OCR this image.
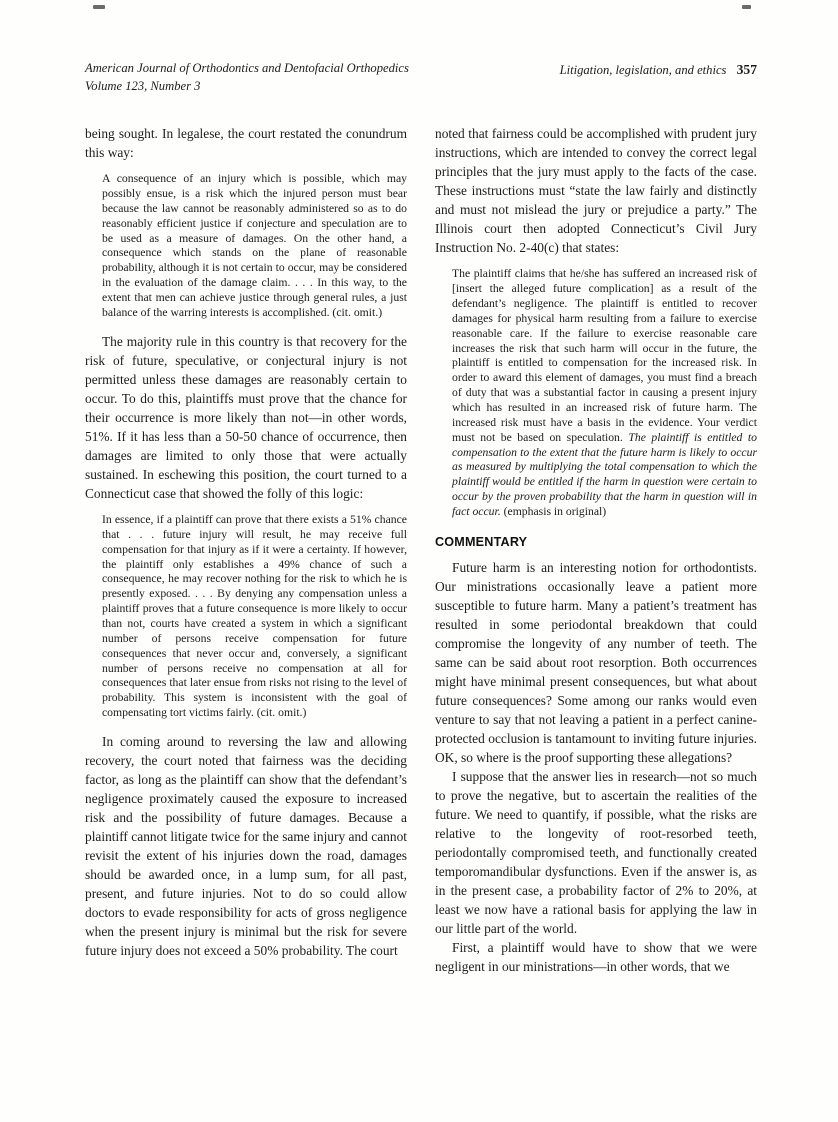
American Journal of Orthodontics and Dentofacial Orthopedics
Volume 123, Number 3
Litigation, legislation, and ethics 357

being sought. In legalese, the court restated the conundrum this way:

A consequence of an injury which is possible, which may possibly ensue, is a risk which the injured person must bear because the law cannot be reasonably administered so as to do reasonably efficient justice if conjecture and speculation are to be used as a measure of damages. On the other hand, a consequence which stands on the plane of reasonable probability, although it is not certain to occur, may be considered in the evaluation of the damage claim. . . . In this way, to the extent that men can achieve justice through general rules, a just balance of the warring interests is accomplished. (cit. omit.)

The majority rule in this country is that recovery for the risk of future, speculative, or conjectural injury is not permitted unless these damages are reasonably certain to occur. To do this, plaintiffs must prove that the chance for their occurrence is more likely than not—in other words, 51%. If it has less than a 50-50 chance of occurrence, then damages are limited to only those that were actually sustained. In eschewing this position, the court turned to a Connecticut case that showed the folly of this logic:

In essence, if a plaintiff can prove that there exists a 51% chance that . . . future injury will result, he may receive full compensation for that injury as if it were a certainty. If however, the plaintiff only establishes a 49% chance of such a consequence, he may recover nothing for the risk to which he is presently exposed. . . . By denying any compensation unless a plaintiff proves that a future consequence is more likely to occur than not, courts have created a system in which a significant number of persons receive compensation for future consequences that never occur and, conversely, a significant number of persons receive no compensation at all for consequences that later ensue from risks not rising to the level of probability. This system is inconsistent with the goal of compensating tort victims fairly. (cit. omit.)

In coming around to reversing the law and allowing recovery, the court noted that fairness was the deciding factor, as long as the plaintiff can show that the defendant’s negligence proximately caused the exposure to increased risk and the possibility of future damages. Because a plaintiff cannot litigate twice for the same injury and cannot revisit the extent of his injuries down the road, damages should be awarded once, in a lump sum, for all past, present, and future injuries. Not to do so could allow doctors to evade responsibility for acts of gross negligence when the present injury is minimal but the risk for severe future injury does not exceed a 50% probability. The court

noted that fairness could be accomplished with prudent jury instructions, which are intended to convey the correct legal principles that the jury must apply to the facts of the case. These instructions must “state the law fairly and distinctly and must not mislead the jury or prejudice a party.” The Illinois court then adopted Connecticut’s Civil Jury Instruction No. 2-40(c) that states:

The plaintiff claims that he/she has suffered an increased risk of [insert the alleged future complication] as a result of the defendant’s negligence. The plaintiff is entitled to recover damages for physical harm resulting from a failure to exercise reasonable care. If the failure to exercise reasonable care increases the risk that such harm will occur in the future, the plaintiff is entitled to compensation for the increased risk. In order to award this element of damages, you must find a breach of duty that was a substantial factor in causing a present injury which has resulted in an increased risk of future harm. The increased risk must have a basis in the evidence. Your verdict must not be based on speculation. The plaintiff is entitled to compensation to the extent that the future harm is likely to occur as measured by multiplying the total compensation to which the plaintiff would be entitled if the harm in question were certain to occur by the proven probability that the harm in question will in fact occur. (emphasis in original)
COMMENTARY

Future harm is an interesting notion for orthodontists. Our ministrations occasionally leave a patient more susceptible to future harm. Many a patient’s treatment has resulted in some periodontal breakdown that could compromise the longevity of any number of teeth. The same can be said about root resorption. Both occurrences might have minimal present consequences, but what about future consequences? Some among our ranks would even venture to say that not leaving a patient in a perfect canine-protected occlusion is tantamount to inviting future injuries. OK, so where is the proof supporting these allegations?

I suppose that the answer lies in research—not so much to prove the negative, but to ascertain the realities of the future. We need to quantify, if possible, what the risks are relative to the longevity of root-resorbed teeth, periodontally compromised teeth, and functionally created temporomandibular dysfunctions. Even if the answer is, as in the present case, a probability factor of 2% to 20%, at least we now have a rational basis for applying the law in our little part of the world.

First, a plaintiff would have to show that we were negligent in our ministrations—in other words, that we
